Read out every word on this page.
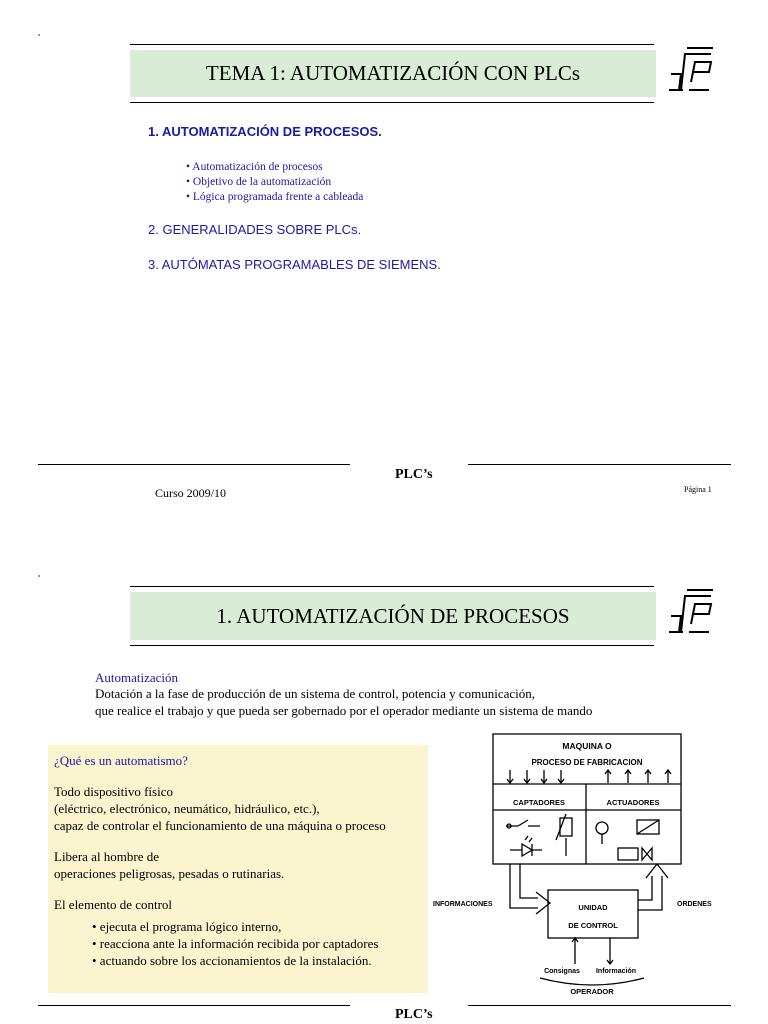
TEMA 1: AUTOMATIZACIÓN CON PLCs
1. AUTOMATIZACIÓN DE PROCESOS.
• Automatización de procesos
• Objetivo de la automatización
• Lógica programada frente a cableada
2. GENERALIDADES SOBRE PLCs.
3. AUTÓMATAS PROGRAMABLES DE SIEMENS.
PLC’s
Curso 2009/10	Página 1
1. AUTOMATIZACIÓN DE PROCESOS
Automatización
Dotación a la fase de producción de un sistema de control, potencia y comunicación,
que realice el trabajo y que pueda ser gobernado por el operador mediante un sistema de mando

¿Qué es un automatismo?

Todo dispositivo físico

(eléctrico, electrónico, neumático, hidráulico, etc.),

capaz de controlar el funcionamiento de una máquina o proceso

Libera al hombre de

operaciones peligrosas, pesadas o rutinarias.

El elemento de control

• ejecuta el programa lógico interno,
• reacciona ante la información recibida por captadores
• actuando sobre los accionamientos de la instalación.
MAQUINA O
PROCESO DE FABRICACION
CAPTADORES	ACTUADORES
INFORMACIONES	ORDENES
UNIDAD
DE CONTROL
Consignas Información
OPERADOR
PLC’s
